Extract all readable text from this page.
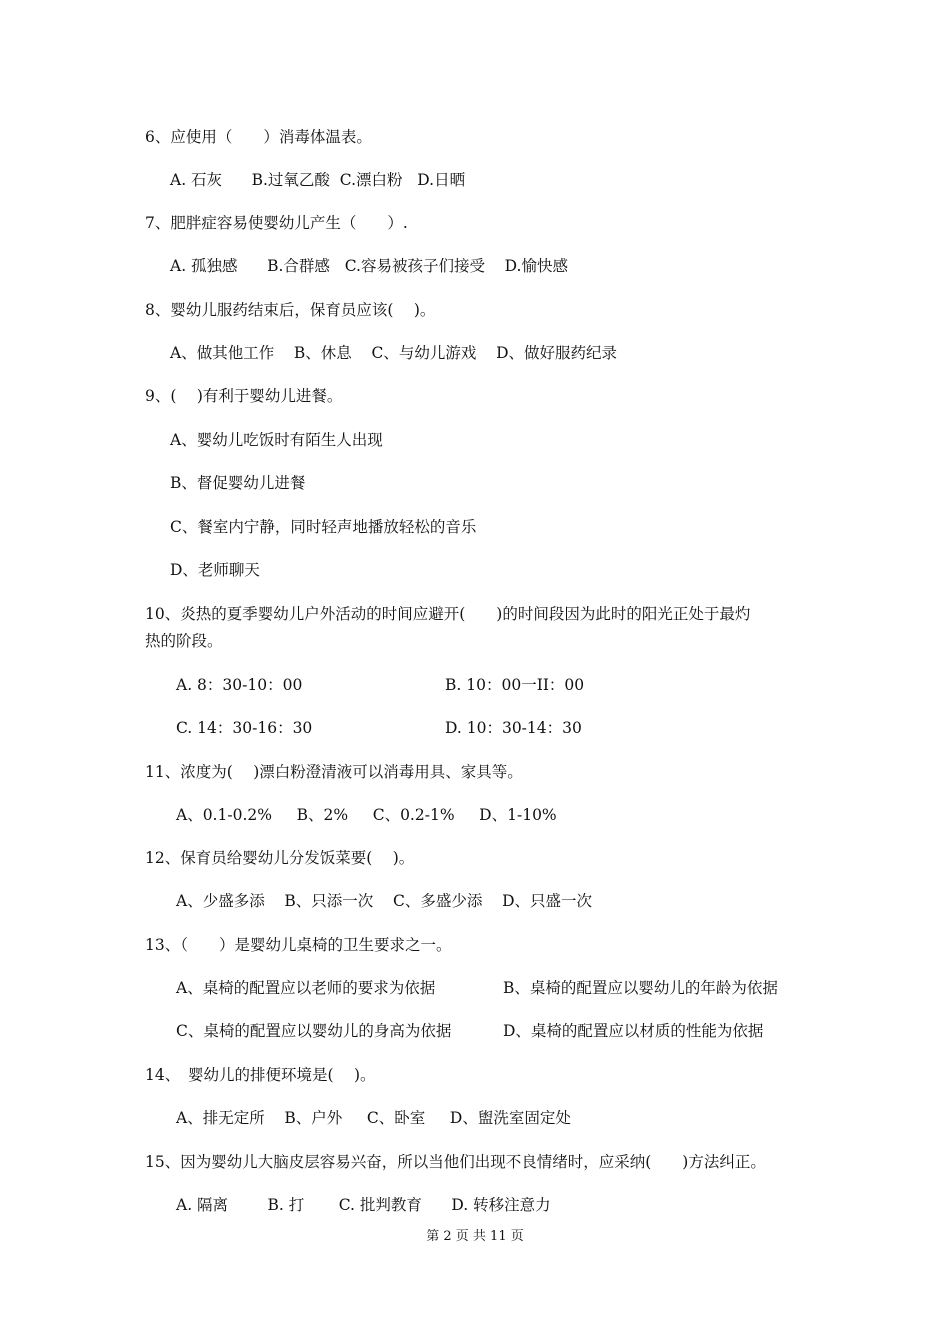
6、应使用（　　）消毒体温表。
A. 石灰      B.过氧乙酸  C.漂白粉   D.日晒
7、肥胖症容易使婴幼儿产生（　　）.
A. 孤独感      B.合群感   C.容易被孩子们接受    D.愉快感
8、婴幼儿服药结束后，保育员应该(　 )。
A、做其他工作    B、休息    C、与幼儿游戏    D、做好服药纪录
9、(　 )有利于婴幼儿进餐。
A、婴幼儿吃饭时有陌生人出现
B、督促婴幼儿进餐
C、餐室内宁静，同时轻声地播放轻松的音乐
D、老师聊天
10、炎热的夏季婴幼儿户外活动的时间应避开(　　)的时间段因为此时的阳光正处于最灼
热的阶段。
A. 8：30-10：00	B. 10：00一II：00
C. 14：30-16：30	D. 10：30-14：30
11、浓度为(　 )漂白粉澄清液可以消毒用具、家具等。
A、0.1-0.2%     B、2%     C、0.2-1%     D、1-10%
12、保育员给婴幼儿分发饭菜要(　 )。
A、少盛多添    B、只添一次    C、多盛少添    D、只盛一次
13、（　　）是婴幼儿桌椅的卫生要求之一。
A、桌椅的配置应以老师的要求为依据	B、桌椅的配置应以婴幼儿的年龄为依据
C、桌椅的配置应以婴幼儿的身高为依据	D、桌椅的配置应以材质的性能为依据
14、　婴幼儿的排便环境是(　 )。
A、排无定所    B、户外     C、卧室     D、盥洗室固定处
15、因为婴幼儿大脑皮层容易兴奋，所以当他们出现不良情绪时，应采纳(　　)方法纠正。
A. 隔离        B. 打       C. 批判教育      D. 转移注意力
第 2 页 共 11 页
